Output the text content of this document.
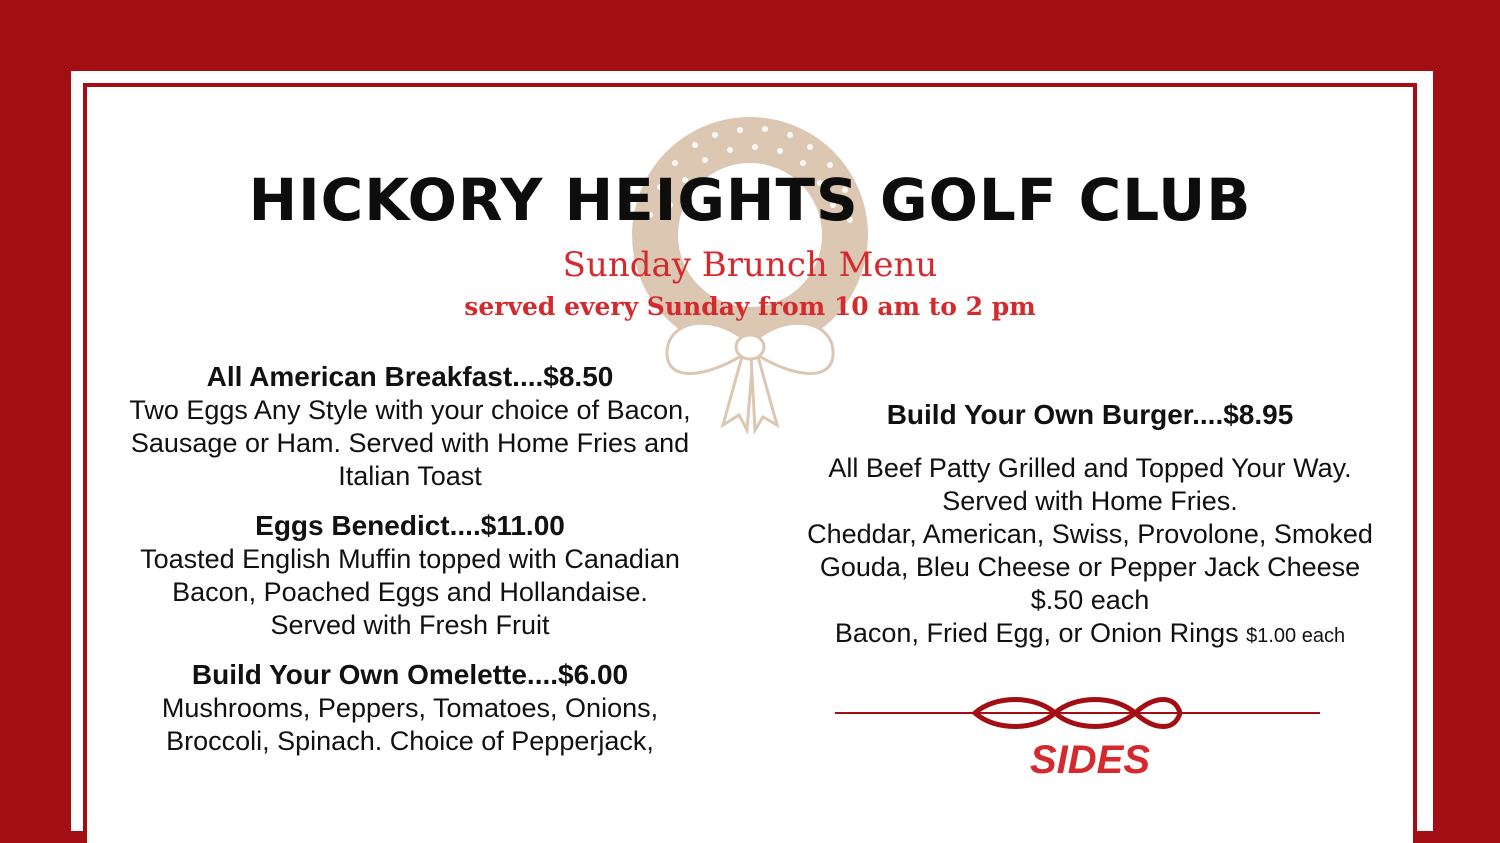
HICKORY HEIGHTS GOLF CLUB

Sunday Brunch Menu

served every Sunday from 10 am to 2 pm

All American Breakfast....$8.50

Two Eggs Any Style with your choice of Bacon,

Sausage or Ham. Served with Home Fries and

Italian Toast

Eggs Benedict....$11.00

Toasted English Muffin topped with Canadian

Bacon, Poached Eggs and Hollandaise.

Served with Fresh Fruit

Build Your Own Omelette....$6.00

Mushrooms, Peppers, Tomatoes, Onions,

Broccoli, Spinach. Choice of Pepperjack,

Build Your Own Burger....$8.95

All Beef Patty Grilled and Topped Your Way.

Served with Home Fries.

Cheddar, American, Swiss, Provolone, Smoked

Gouda, Bleu Cheese or Pepper Jack Cheese

$.50 each

Bacon, Fried Egg, or Onion Rings $1.00 each

SIDES
